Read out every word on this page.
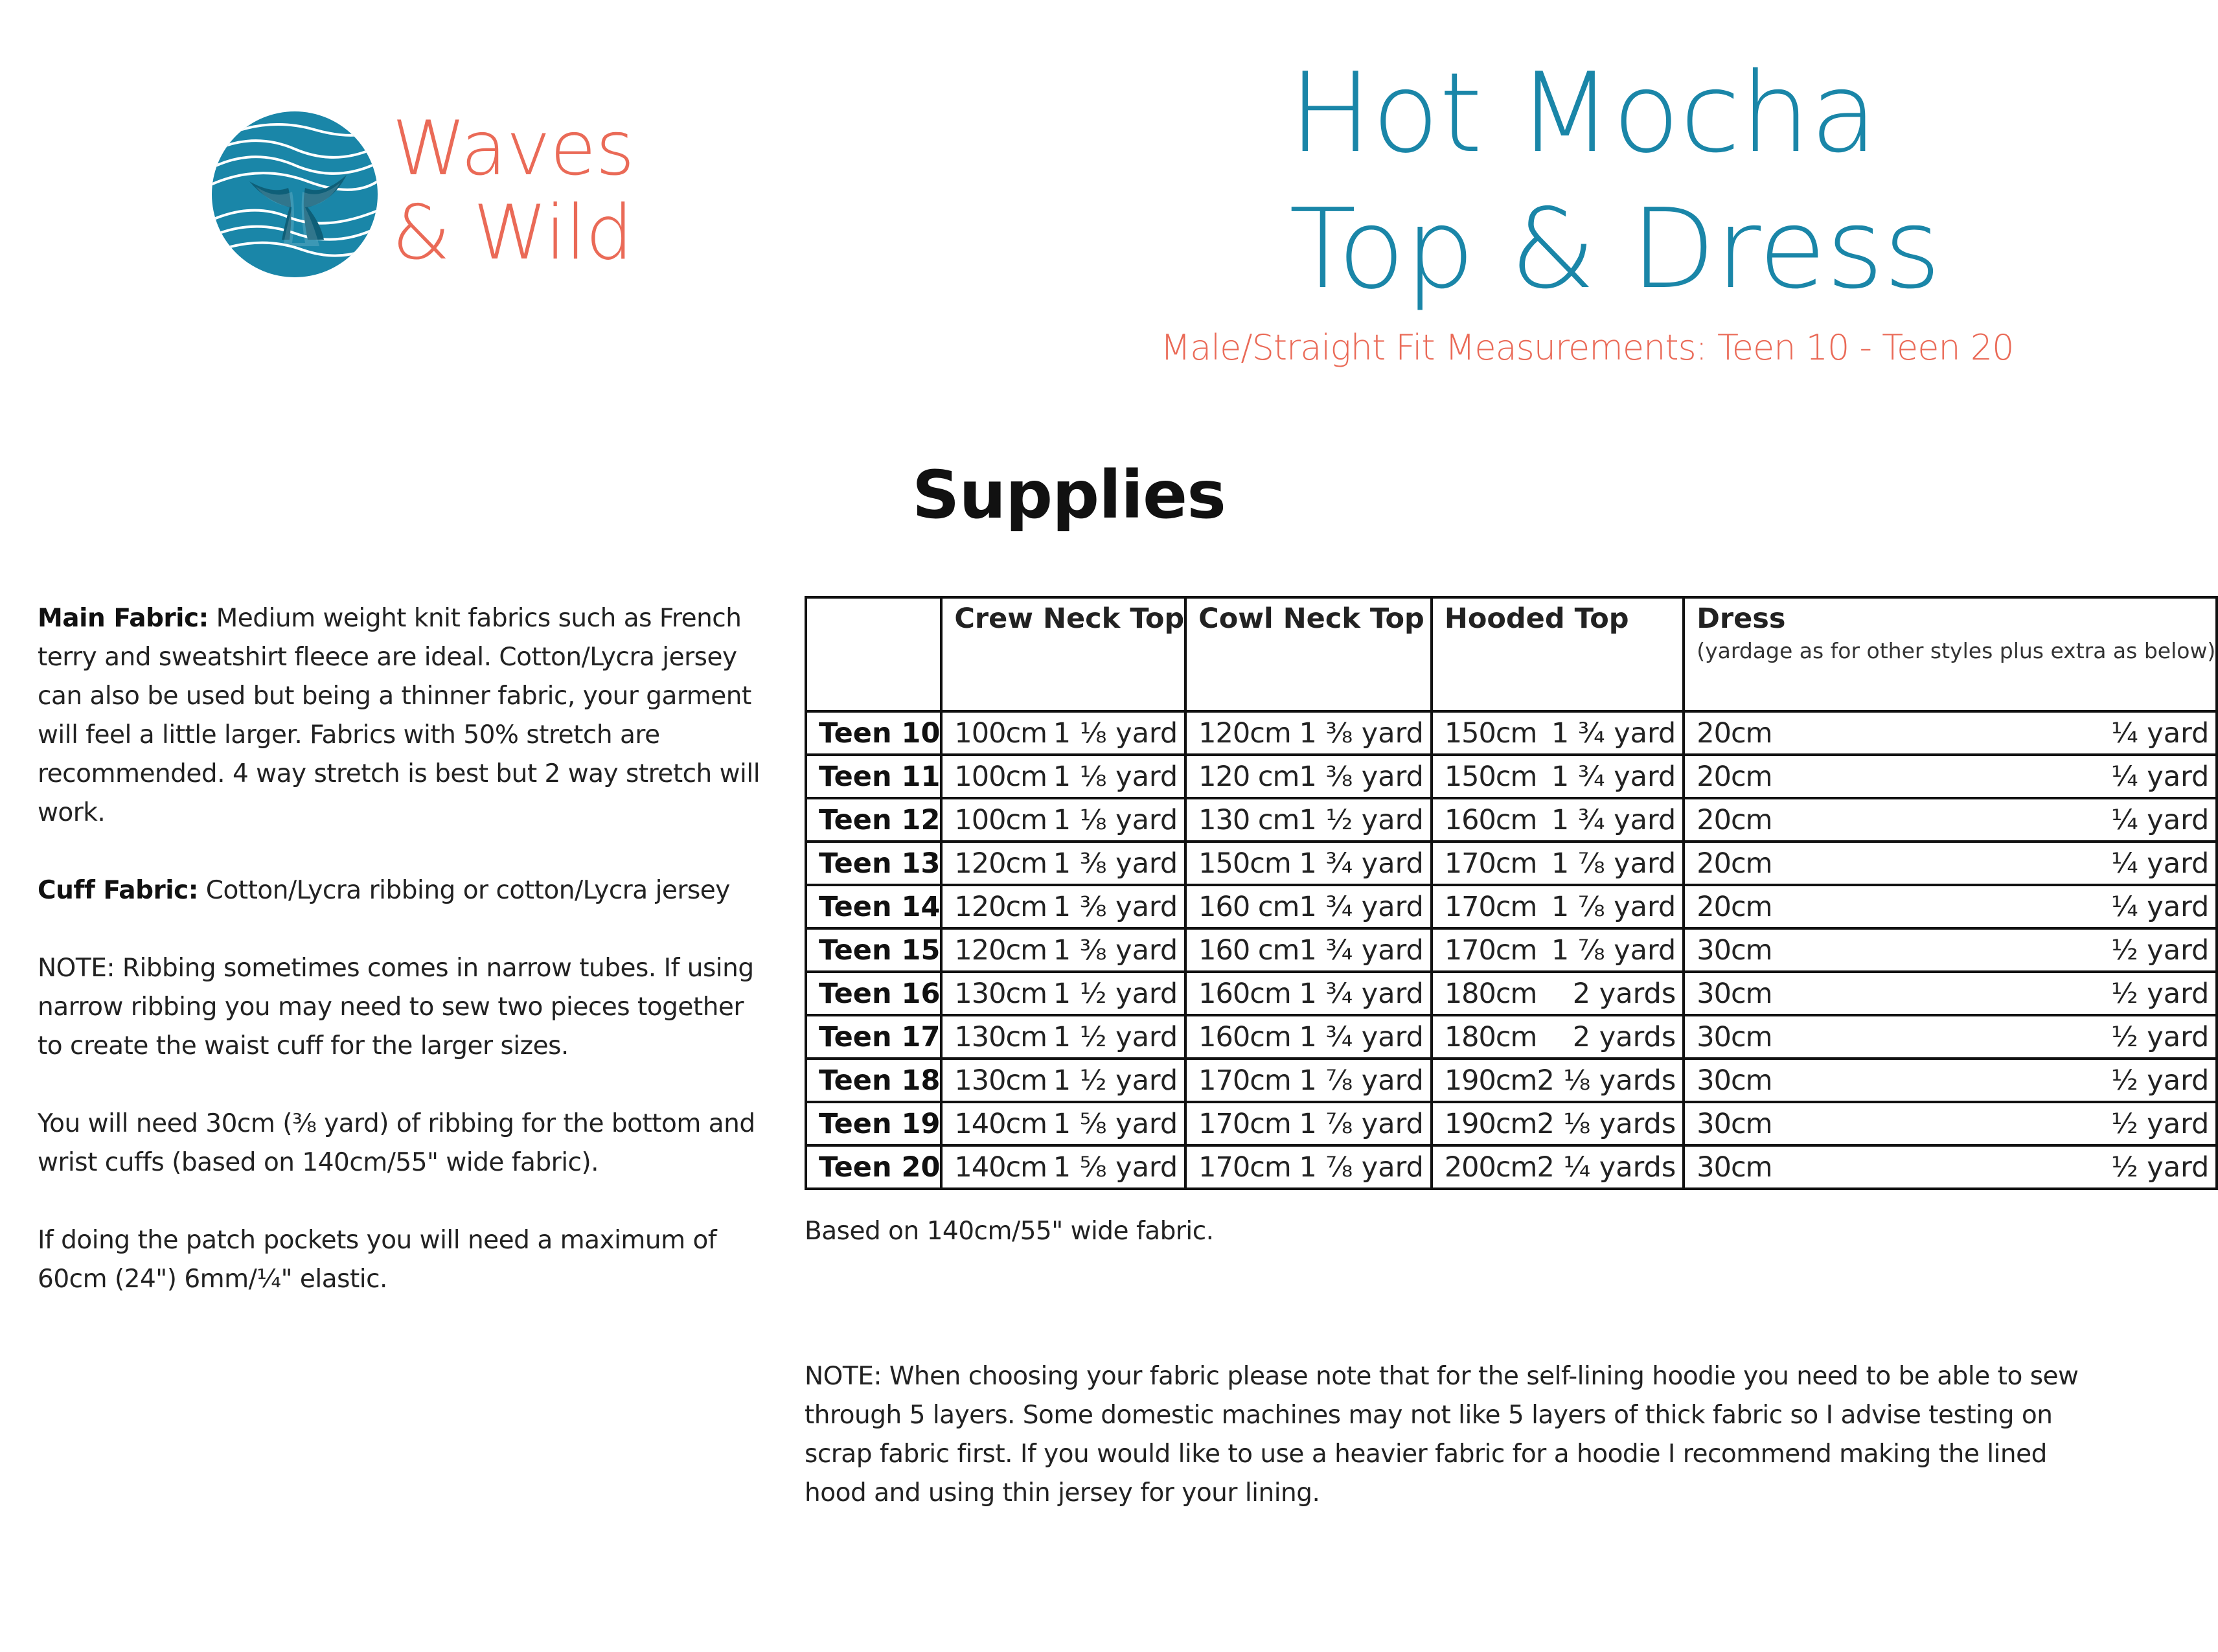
Waves
& Wild
Hot Mocha
Top & Dress
Male/Straight Fit Measurements: Teen 10 - Teen 20
Supplies

Main Fabric: Medium weight knit fabrics such as French terry and sweatshirt fleece are ideal. Cotton/Lycra jersey can also be used but being a thinner fabric, your garment will feel a little larger. Fabrics with 50% stretch are recommended. 4 way stretch is best but 2 way stretch will work.

Cuff Fabric: Cotton/Lycra ribbing or cotton/Lycra jersey

NOTE: Ribbing sometimes comes in narrow tubes. If using narrow ribbing you may need to sew two pieces together to create the waist cuff for the larger sizes.

You will need 30cm (⅜ yard) of ribbing for the bottom and wrist cuffs (based on 140cm/55" wide fabric).

If doing the patch pockets you will need a maximum of 60cm (24") 6mm/¼" elastic.

	Crew Neck Top	Cowl Neck Top	Hooded Top	Dress
(yardage as for other styles plus extra as below)

Teen 10	100cm 1 ⅛ yard	120cm 1 ⅜ yard	150cm 1 ¾ yard	20cm ¼ yard

Teen 11	100cm 1 ⅛ yard	120 cm 1 ⅜ yard	150cm 1 ¾ yard	20cm ¼ yard

Teen 12	100cm 1 ⅛ yard	130 cm 1 ½ yard	160cm 1 ¾ yard	20cm ¼ yard

Teen 13	120cm 1 ⅜ yard	150cm 1 ¾ yard	170cm 1 ⅞ yard	20cm ¼ yard

Teen 14	120cm 1 ⅜ yard	160 cm 1 ¾ yard	170cm 1 ⅞ yard	20cm ¼ yard

Teen 15	120cm 1 ⅜ yard	160 cm 1 ¾ yard	170cm 1 ⅞ yard	30cm ½ yard

Teen 16	130cm 1 ½ yard	160cm 1 ¾ yard	180cm 2 yards	30cm ½ yard

Teen 17	130cm 1 ½ yard	160cm 1 ¾ yard	180cm 2 yards	30cm ½ yard

Teen 18	130cm 1 ½ yard	170cm 1 ⅞ yard	190cm 2 ⅛ yards	30cm ½ yard

Teen 19	140cm 1 ⅝ yard	170cm 1 ⅞ yard	190cm 2 ⅛ yards	30cm ½ yard

Teen 20	140cm 1 ⅝ yard	170cm 1 ⅞ yard	200cm 2 ¼ yards	30cm ½ yard
Based on 140cm/55" wide fabric.
NOTE: When choosing your fabric please note that for the self-lining hoodie you need to be able to sew through 5 layers. Some domestic machines may not like 5 layers of thick fabric so I advise testing on scrap fabric first. If you would like to use a heavier fabric for a hoodie I recommend making the lined hood and using thin jersey for your lining.
